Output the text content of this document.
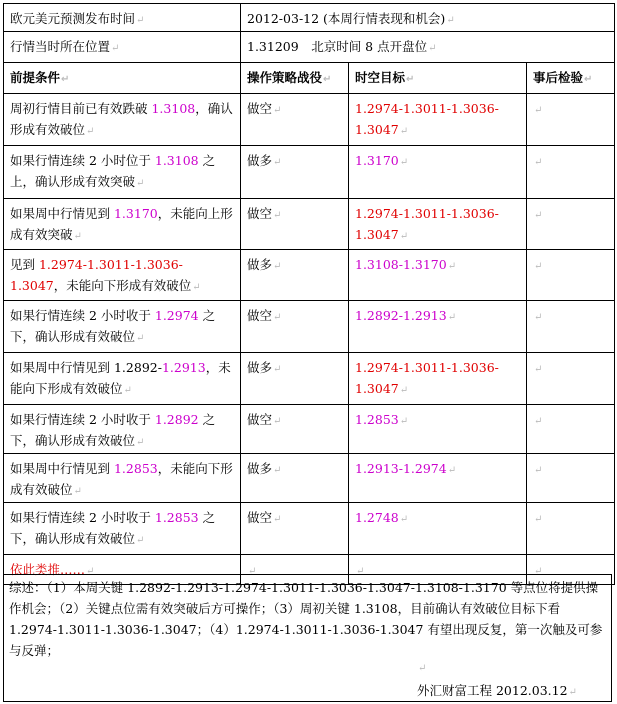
欧元美元预测发布时间↵	2012-03-12 (本周行情表现和机会)↵		
行情当时所在位置↵	1.31209　北京时间 8 点开盘位↵		
前提条件↵	操作策略战役↵	时空目标↵	事后检验↵
周初行情目前已有效跌破 1.3108，确认形成有效破位↵	做空↵	1.2974-1.3011-1.3036-1.3047↵	↵
如果行情连续 2 小时位于 1.3108 之上，确认形成有效突破↵	做多↵	1.3170↵	↵
如果周中行情见到 1.3170，未能向上形成有效突破↵	做空↵	1.2974-1.3011-1.3036-1.3047↵	↵
见到 1.2974-1.3011-1.3036-1.3047，未能向下形成有效破位↵	做多↵	1.3108-1.3170↵	↵
如果行情连续 2 小时收于 1.2974 之下，确认形成有效破位↵	做空↵	1.2892-1.2913↵	↵
如果周中行情见到 1.2892-1.2913，未能向下形成有效破位↵	做多↵	1.2974-1.3011-1.3036-1.3047↵	↵
如果行情连续 2 小时收于 1.2892 之下，确认形成有效破位↵	做空↵	1.2853↵	↵
如果周中行情见到 1.2853，未能向下形成有效破位↵	做多↵	1.2913-1.2974↵	↵
如果行情连续 2 小时收于 1.2853 之下，确认形成有效破位↵	做空↵	1.2748↵	↵
依此类推……↵	↵	↵	↵
综述：（1）本周关键 1.2892-1.2913-1.2974-1.3011-1.3036-1.3047-1.3108-1.3170 等点位将提供操作机会；（2）关键点位需有效突破后方可操作；（3）周初关键 1.3108，目前确认有效破位目标下看 1.2974-1.3011-1.3036-1.3047；（4）1.2974-1.3011-1.3036-1.3047 有望出现反复，第一次触及可参与反弹；
↵
外汇财富工程 2012.03.12↵
